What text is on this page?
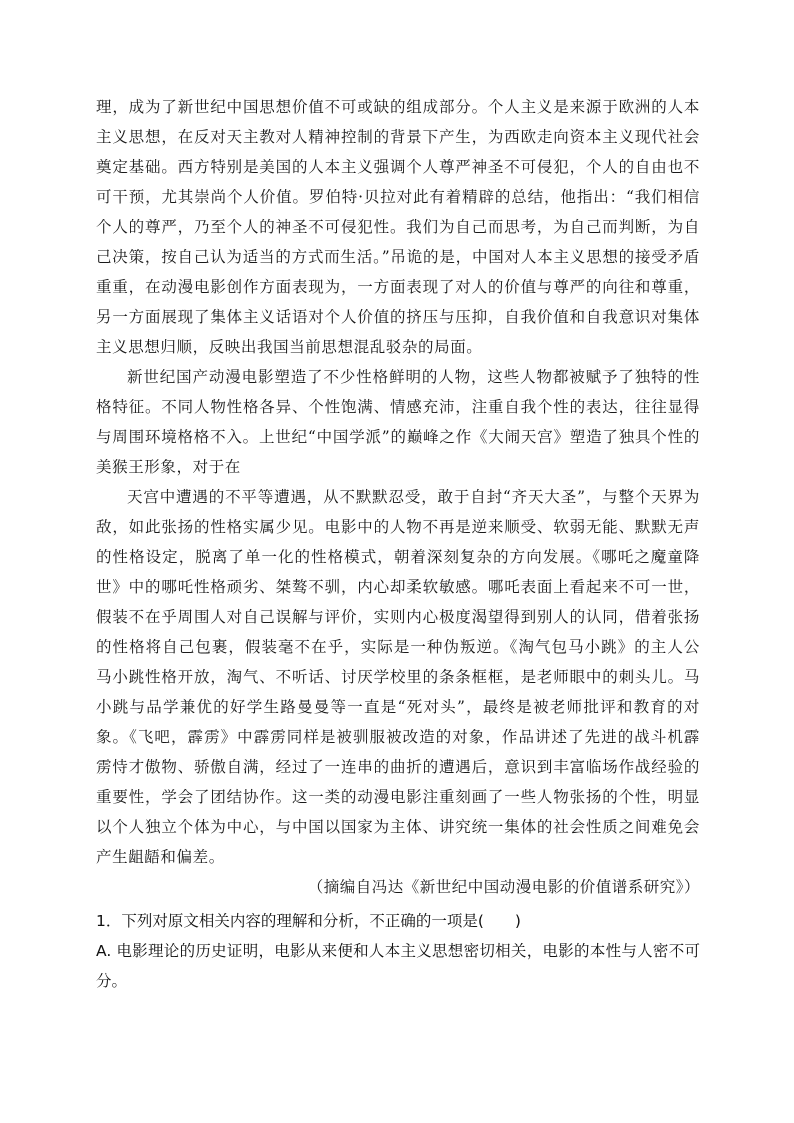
理，成为了新世纪中国思想价值不可或缺的组成部分。个人主义是来源于欧洲的人本主义思想，在反对天主教对人精神控制的背景下产生，为西欧走向资本主义现代社会奠定基础。西方特别是美国的人本主义强调个人尊严神圣不可侵犯，个人的自由也不可干预，尤其崇尚个人价值。罗伯特·贝拉对此有着精辟的总结，他指出：“我们相信个人的尊严，乃至个人的神圣不可侵犯性。我们为自己而思考，为自己而判断，为自己决策，按自己认为适当的方式而生活。”吊诡的是，中国对人本主义思想的接受矛盾重重，在动漫电影创作方面表现为，一方面表现了对人的价值与尊严的向往和尊重，另一方面展现了集体主义话语对个人价值的挤压与压抑，自我价值和自我意识对集体主义思想归顺，反映出我国当前思想混乱驳杂的局面。

新世纪国产动漫电影塑造了不少性格鲜明的人物，这些人物都被赋予了独特的性格特征。不同人物性格各异、个性饱满、情感充沛，注重自我个性的表达，往往显得与周围环境格格不入。上世纪“中国学派”的巅峰之作《大闹天宫》塑造了独具个性的美猴王形象，对于在

天宫中遭遇的不平等遭遇，从不默默忍受，敢于自封“齐天大圣”，与整个天界为敌，如此张扬的性格实属少见。电影中的人物不再是逆来顺受、软弱无能、默默无声的性格设定，脱离了单一化的性格模式，朝着深刻复杂的方向发展。《哪吒之魔童降世》中的哪吒性格顽劣、桀骜不驯，内心却柔软敏感。哪吒表面上看起来不可一世，假装不在乎周围人对自己误解与评价，实则内心极度渴望得到别人的认同，借着张扬的性格将自己包裹，假装毫不在乎，实际是一种伪叛逆。《淘气包马小跳》的主人公马小跳性格开放，淘气、不听话、讨厌学校里的条条框框，是老师眼中的刺头儿。马小跳与品学兼优的好学生路曼曼等一直是“死对头”，最终是被老师批评和教育的对象。《飞吧，霹雳》中霹雳同样是被驯服被改造的对象，作品讲述了先进的战斗机霹雳恃才傲物、骄傲自满，经过了一连串的曲折的遭遇后，意识到丰富临场作战经验的重要性，学会了团结协作。这一类的动漫电影注重刻画了一些人物张扬的个性，明显以个人独立个体为中心，与中国以国家为主体、讲究统一集体的社会性质之间难免会产生龃龉和偏差。

（摘编自冯达《新世纪中国动漫电影的价值谱系研究》）

1．下列对原文相关内容的理解和分析，不正确的一项是(　　)

A. 电影理论的历史证明，电影从来便和人本主义思想密切相关，电影的本性与人密不可分。
